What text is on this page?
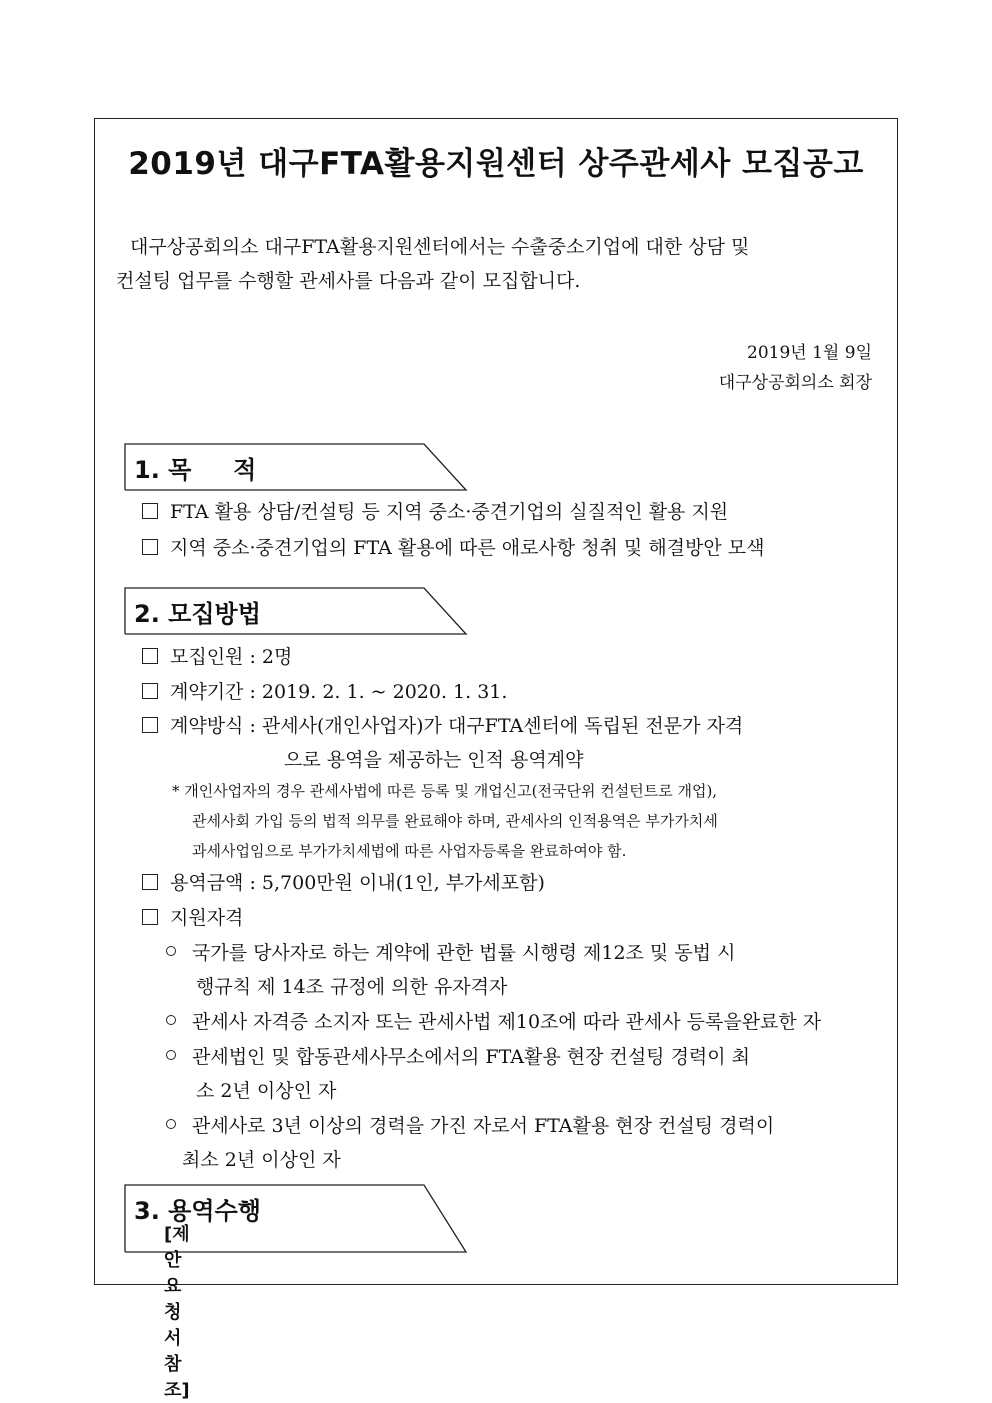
2019년 대구FTA활용지원센터 상주관세사 모집공고
대구상공회의소 대구FTA활용지원센터에서는 수출중소기업에 대한 상담 및
컨설팅 업무를 수행할 관세사를 다음과 같이 모집합니다.
2019년 1월 9일
대구상공회의소 회장
1. 목     적
FTA 활용 상담/컨설팅 등 지역 중소·중견기업의 실질적인 활용 지원
지역 중소·중견기업의 FTA 활용에 따른 애로사항 청취 및 해결방안 모색
2. 모집방법
모집인원 : 2명
계약기간 : 2019. 2. 1. ~ 2020. 1. 31.
계약방식 : 관세사(개인사업자)가 대구FTA센터에 독립된 전문가 자격
으로 용역을 제공하는 인적 용역계약
* 개인사업자의 경우 관세사법에 따른 등록 및 개업신고(전국단위 컨설턴트로 개업),
관세사회 가입 등의 법적 의무를 완료해야 하며, 관세사의 인적용역은 부가가치세
과세사업임으로 부가가치세법에 따른 사업자등록을 완료하여야 함.
용역금액 : 5,700만원 이내(1인, 부가세포함)
지원자격
국가를 당사자로 하는 계약에 관한 법률 시행령 제12조 및 동법 시
행규칙 제 14조 규정에 의한 유자격자
관세사 자격증 소지자 또는 관세사법 제10조에 따라 관세사 등록을완료한 자
관세법인 및 합동관세사무소에서의 FTA활용 현장 컨설팅 경력이 최
소 2년 이상인 자
관세사로 3년 이상의 경력을 가진 자로서 FTA활용 현장 컨설팅 경력이
최소 2년 이상인 자
3. 용역수행
[제안요청서 참조]
